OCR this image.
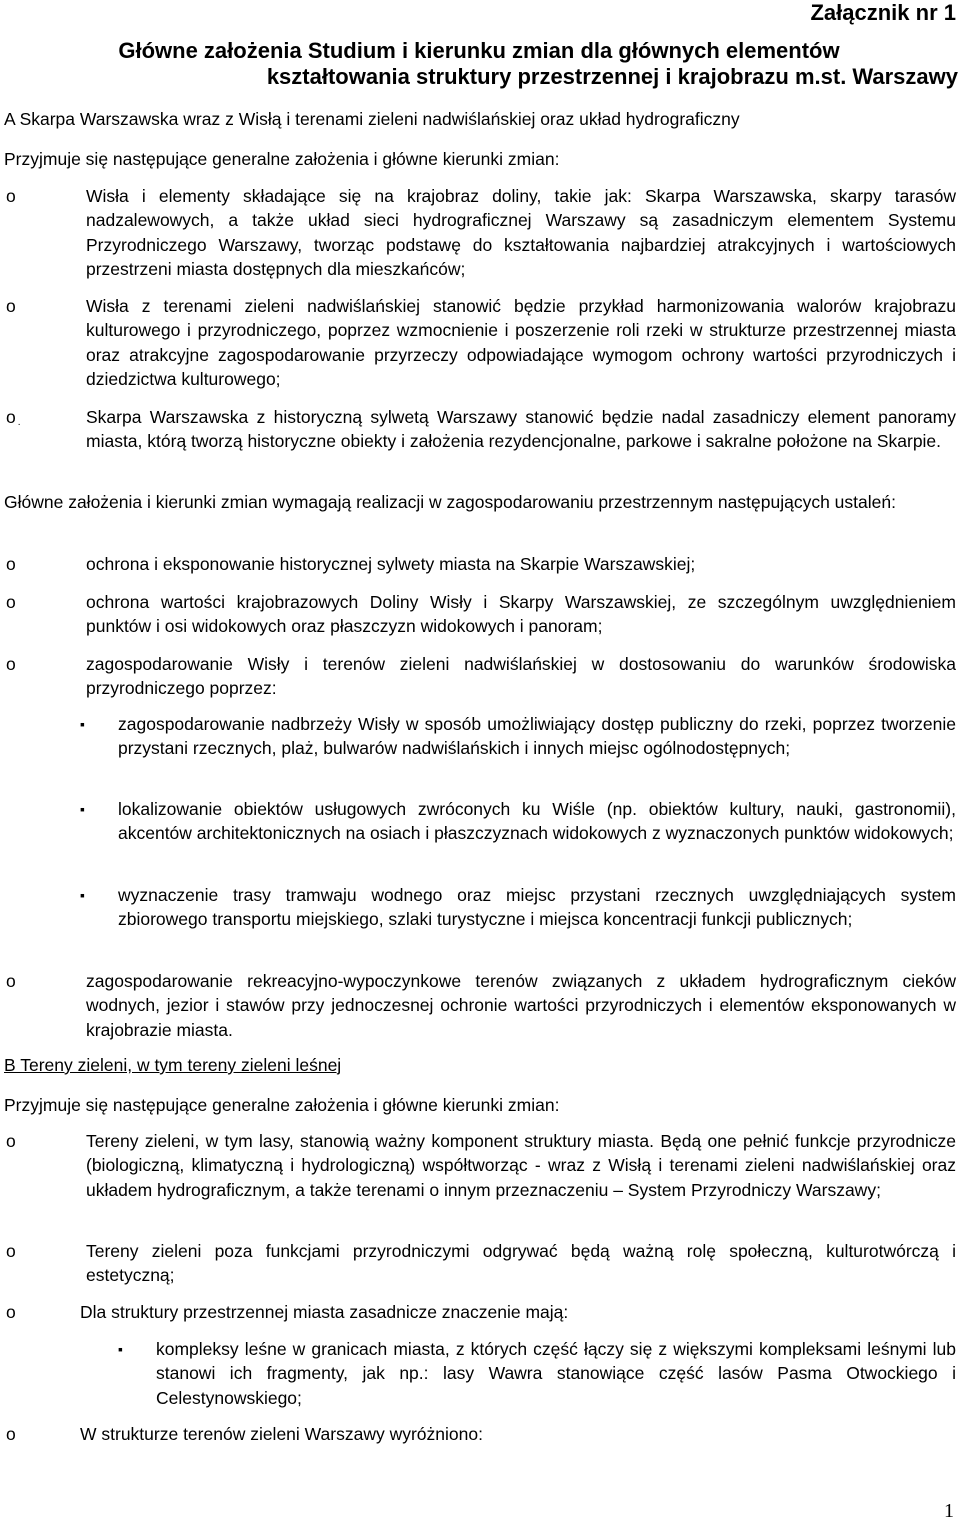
Załącznik nr 1
Główne założenia Studium i kierunku zmian dla głównych elementów
kształtowania struktury przestrzennej i krajobrazu m.st. Warszawy
A Skarpa Warszawska wraz z Wisłą i terenami zieleni nadwiślańskiej oraz układ hydrograficzny
Przyjmuje się następujące generalne założenia i główne kierunki zmian:
o	Wisła i elementy składające się na krajobraz doliny, takie jak: Skarpa Warszawska, skarpy tarasów nadzalewowych, a także układ sieci hydrograficznej Warszawy są zasadniczym elementem Systemu Przyrodniczego Warszawy, tworząc podstawę do kształtowania najbardziej atrakcyjnych i wartościowych przestrzeni miasta dostępnych dla mieszkańców;
o	Wisła z terenami zieleni nadwiślańskiej stanowić będzie przykład harmonizowania walorów krajobrazu kulturowego i przyrodniczego, poprzez wzmocnienie i poszerzenie roli rzeki w strukturze przestrzennej miasta oraz atrakcyjne zagospodarowanie przyrzeczy odpowiadające wymogom ochrony wartości przyrodniczych i dziedzictwa kulturowego;
o .	Skarpa Warszawska z historyczną sylwetą Warszawy stanowić będzie nadal zasadniczy element panoramy miasta, którą tworzą historyczne obiekty i założenia rezydencjonalne, parkowe i sakralne położone na Skarpie.
Główne założenia i kierunki zmian wymagają realizacji w zagospodarowaniu przestrzennym następujących ustaleń:
o	ochrona i eksponowanie historycznej sylwety miasta na Skarpie Warszawskiej;
o	ochrona wartości krajobrazowych Doliny Wisły i Skarpy Warszawskiej, ze szczególnym uwzględnieniem punktów i osi widokowych oraz płaszczyzn widokowych i panoram;
o	zagospodarowanie Wisły i terenów zieleni nadwiślańskiej w dostosowaniu do warunków środowiska przyrodniczego poprzez:
▪	zagospodarowanie nadbrzeży Wisły w sposób umożliwiający dostęp publiczny do rzeki, poprzez tworzenie przystani rzecznych, plaż, bulwarów nadwiślańskich i innych miejsc ogólnodostępnych;
▪	lokalizowanie obiektów usługowych zwróconych ku Wiśle (np. obiektów kultury, nauki, gastronomii), akcentów architektonicznych na osiach i płaszczyznach widokowych z wyznaczonych punktów widokowych;
▪	wyznaczenie trasy tramwaju wodnego oraz miejsc przystani rzecznych uwzględniających system zbiorowego transportu miejskiego, szlaki turystyczne i miejsca koncentracji funkcji publicznych;
o	zagospodarowanie rekreacyjno-wypoczynkowe terenów związanych z układem hydrograficznym cieków wodnych, jezior i stawów przy jednoczesnej ochronie wartości przyrodniczych i elementów eksponowanych w krajobrazie miasta.
B Tereny zieleni, w tym tereny zieleni leśnej
Przyjmuje się następujące generalne założenia i główne kierunki zmian:
o	Tereny zieleni, w tym lasy, stanowią ważny komponent struktury miasta. Będą one pełnić funkcje przyrodnicze (biologiczną, klimatyczną i hydrologiczną) współtworząc - wraz z Wisłą i terenami zieleni nadwiślańskiej oraz układem hydrograficznym, a także terenami o innym przeznaczeniu – System Przyrodniczy Warszawy;
o	Tereny zieleni poza funkcjami przyrodniczymi odgrywać będą ważną rolę społeczną, kulturotwórczą i estetyczną;
o	Dla struktury przestrzennej miasta zasadnicze znaczenie mają:
▪	kompleksy leśne w granicach miasta, z których część łączy się z większymi kompleksami leśnymi lub stanowi ich fragmenty, jak np.: lasy Wawra stanowiące część lasów Pasma Otwockiego i Celestynowskiego;
o	W strukturze terenów zieleni Warszawy wyróżniono:
1
